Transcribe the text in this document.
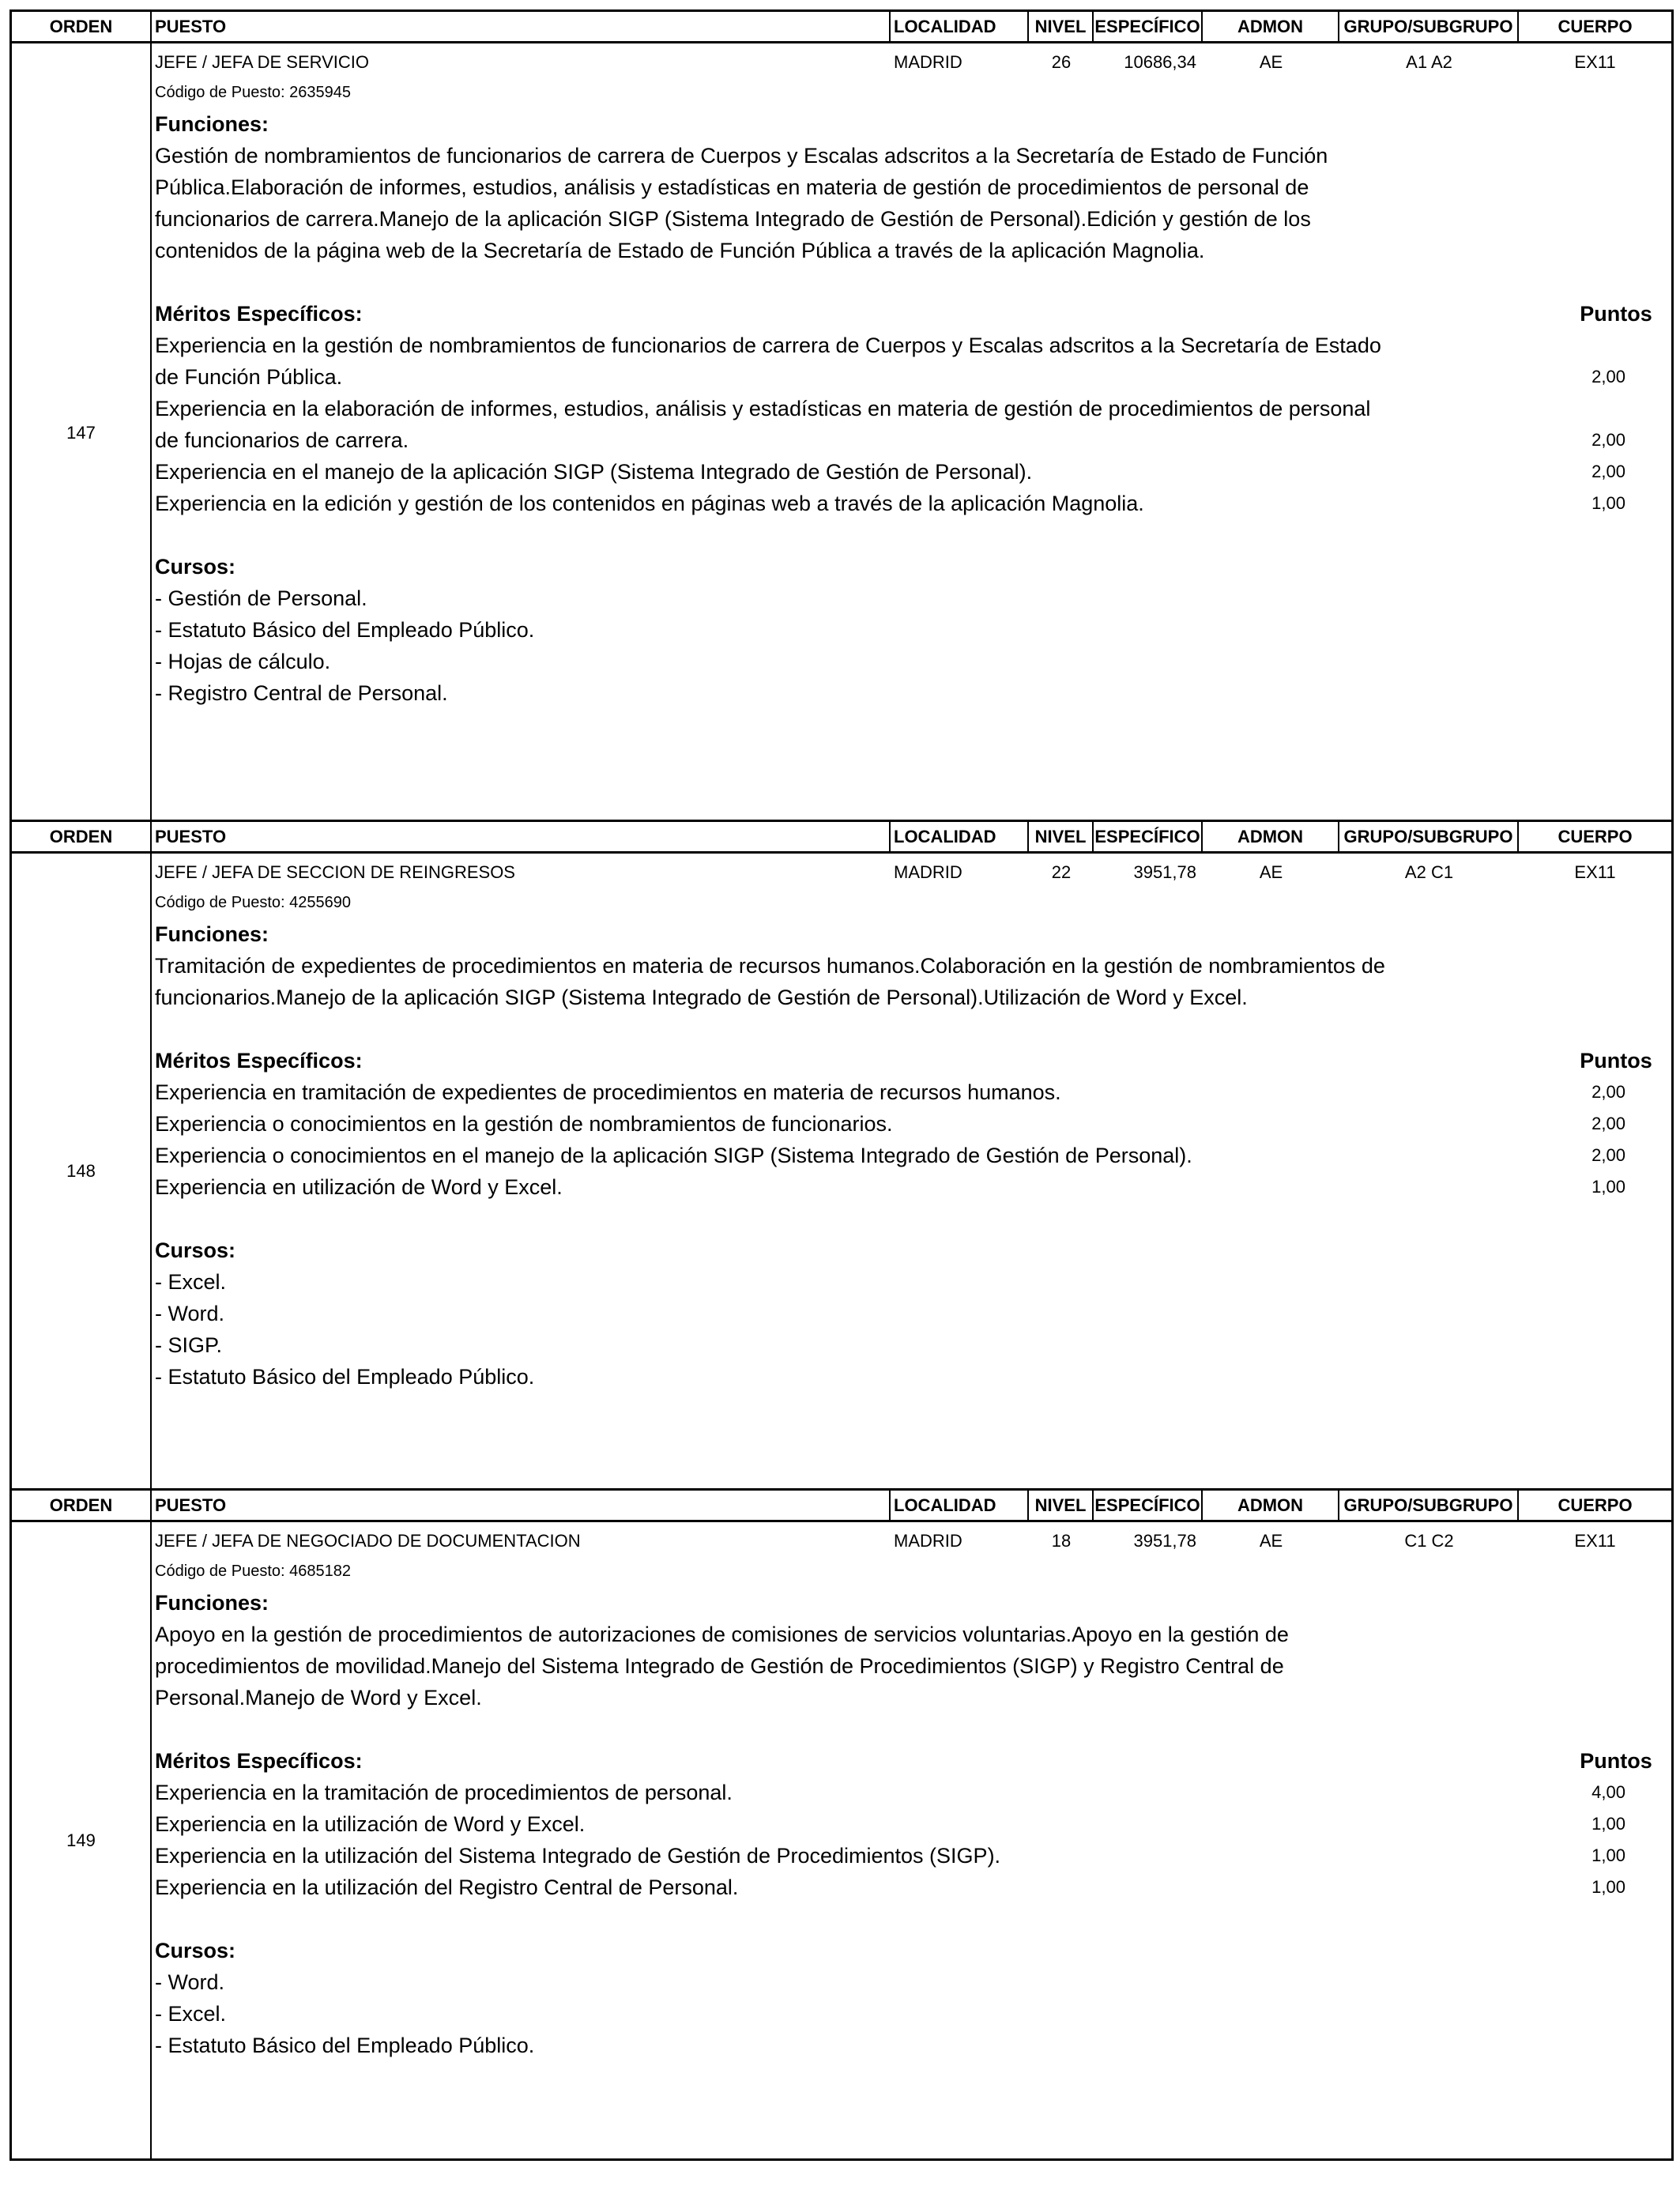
ORDEN	PUESTO	LOCALIDAD	NIVEL ESPECÍFICO	ADMON	GRUPO/SUBGRUPO	CUERPO
147
JEFE / JEFA DE SERVICIO	MADRID	26	10686,34	AE	A1 A2	EX11
Código de Puesto: 2635945
Funciones:
Gestión de nombramientos de funcionarios de carrera de Cuerpos y Escalas adscritos a la Secretaría de Estado de Función
Pública.Elaboración de informes, estudios, análisis y estadísticas en materia de gestión de procedimientos de personal de
funcionarios de carrera.Manejo de la aplicación SIGP (Sistema Integrado de Gestión de Personal).Edición y gestión de los
contenidos de la página web de la Secretaría de Estado de Función Pública a través de la aplicación Magnolia.
Méritos Específicos:	Puntos
Experiencia en la gestión de nombramientos de funcionarios de carrera de Cuerpos y Escalas adscritos a la Secretaría de Estado
de Función Pública.	2,00
Experiencia en la elaboración de informes, estudios, análisis y estadísticas en materia de gestión de procedimientos de personal
de funcionarios de carrera.	2,00
Experiencia en el manejo de la aplicación SIGP (Sistema Integrado de Gestión de Personal).	2,00
Experiencia en la edición y gestión de los contenidos en páginas web a través de la aplicación Magnolia.	1,00
Cursos:
- Gestión de Personal.
- Estatuto Básico del Empleado Público.
- Hojas de cálculo.
- Registro Central de Personal.
ORDEN	PUESTO	LOCALIDAD	NIVEL ESPECÍFICO	ADMON	GRUPO/SUBGRUPO	CUERPO
148
JEFE / JEFA DE SECCION DE REINGRESOS	MADRID	22	3951,78	AE	A2 C1	EX11
Código de Puesto: 4255690
Funciones:
Tramitación de expedientes de procedimientos en materia de recursos humanos.Colaboración en la gestión de nombramientos de
funcionarios.Manejo de la aplicación SIGP (Sistema Integrado de Gestión de Personal).Utilización de Word y Excel.
Méritos Específicos:	Puntos
Experiencia en tramitación de expedientes de procedimientos en materia de recursos humanos.	2,00
Experiencia o conocimientos en la gestión de nombramientos de funcionarios.	2,00
Experiencia o conocimientos en el manejo de la aplicación SIGP (Sistema Integrado de Gestión de Personal).	2,00
Experiencia en utilización de Word y Excel.	1,00
Cursos:
- Excel.
- Word.
- SIGP.
- Estatuto Básico del Empleado Público.
ORDEN	PUESTO	LOCALIDAD	NIVEL ESPECÍFICO	ADMON	GRUPO/SUBGRUPO	CUERPO
149
JEFE / JEFA DE NEGOCIADO DE DOCUMENTACION	MADRID	18	3951,78	AE	C1 C2	EX11
Código de Puesto: 4685182
Funciones:
Apoyo en la gestión de procedimientos de autorizaciones de comisiones de servicios voluntarias.Apoyo en la gestión de
procedimientos de movilidad.Manejo del Sistema Integrado de Gestión de Procedimientos (SIGP) y Registro Central de
Personal.Manejo de Word y Excel.
Méritos Específicos:	Puntos
Experiencia en la tramitación de procedimientos de personal.	4,00
Experiencia en la utilización de Word y Excel.	1,00
Experiencia en la utilización del Sistema Integrado de Gestión de Procedimientos (SIGP).	1,00
Experiencia en la utilización del Registro Central de Personal.	1,00
Cursos:
- Word.
- Excel.
- Estatuto Básico del Empleado Público.
